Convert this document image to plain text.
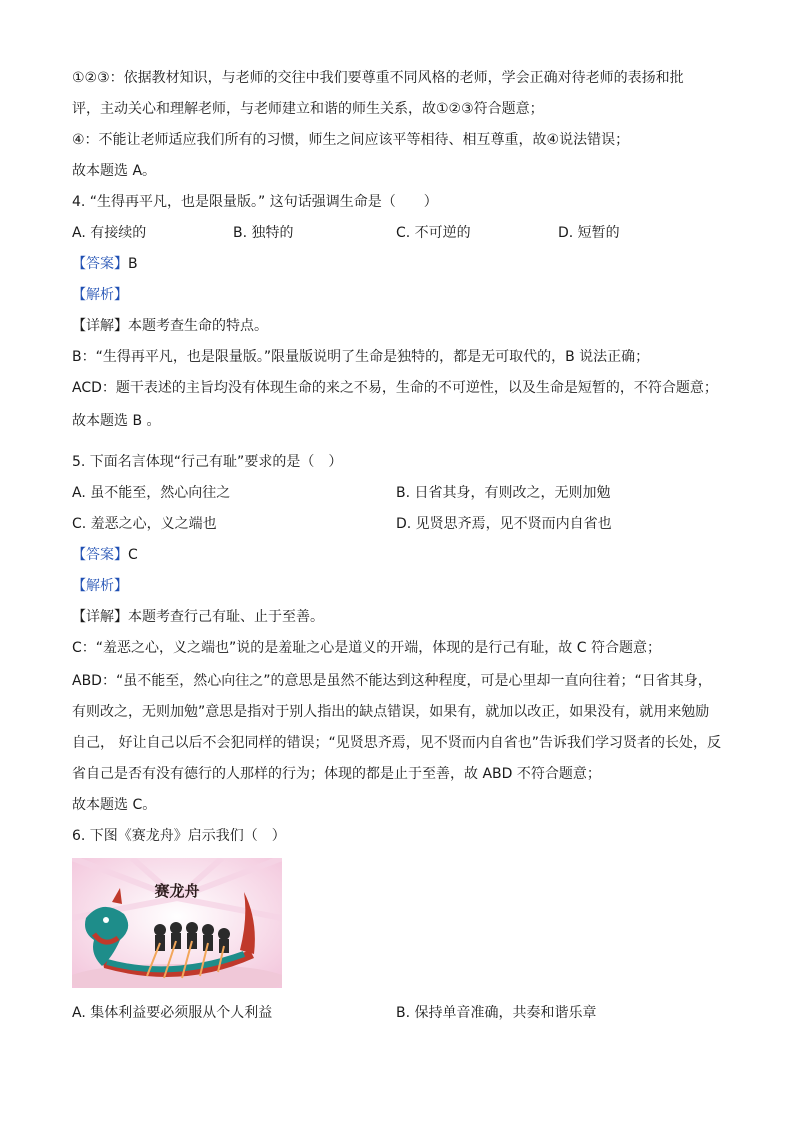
①②③：依据教材知识，与老师的交往中我们要尊重不同风格的老师，学会正确对待老师的表扬和批
评，主动关心和理解老师，与老师建立和谐的师生关系，故①②③符合题意；
④：不能让老师适应我们所有的习惯，师生之间应该平等相待、相互尊重，故④说法错误；
故本题选 A。
4. “生得再平凡，也是限量版。” 这句话强调生命是（　　）
A. 有接续的	B. 独特的	C. 不可逆的	D. 短暂的
【答案】B
【解析】
【详解】本题考查生命的特点。
B：“生得再平凡，也是限量版。”限量版说明了生命是独特的，都是无可取代的，B 说法正确；
ACD：题干表述的主旨均没有体现生命的来之不易，生命的不可逆性，以及生命是短暂的，不符合题意；
故本题选 B 。
5. 下面名言体现“行己有耻”要求的是（　）
A. 虽不能至，然心向往之	B. 日省其身，有则改之，无则加勉
C. 羞恶之心，义之端也	D. 见贤思齐焉，见不贤而内自省也
【答案】C
【解析】
【详解】本题考查行己有耻、止于至善。
C：“羞恶之心，义之端也”说的是羞耻之心是道义的开端，体现的是行己有耻，故 C 符合题意；
ABD：“虽不能至，然心向往之”的意思是虽然不能达到这种程度，可是心里却一直向往着；“日省其身，
有则改之，无则加勉”意思是指对于别人指出的缺点错误，如果有，就加以改正，如果没有，就用来勉励
自己， 好让自己以后不会犯同样的错误；“见贤思齐焉，见不贤而内自省也”告诉我们学习贤者的长处，反
省自己是否有没有德行的人那样的行为；体现的都是止于至善，故 ABD 不符合题意；
故本题选 C。
6. 下图《赛龙舟》启示我们（　）
赛龙舟
A. 集体利益要必须服从个人利益	B. 保持单音准确，共奏和谐乐章
